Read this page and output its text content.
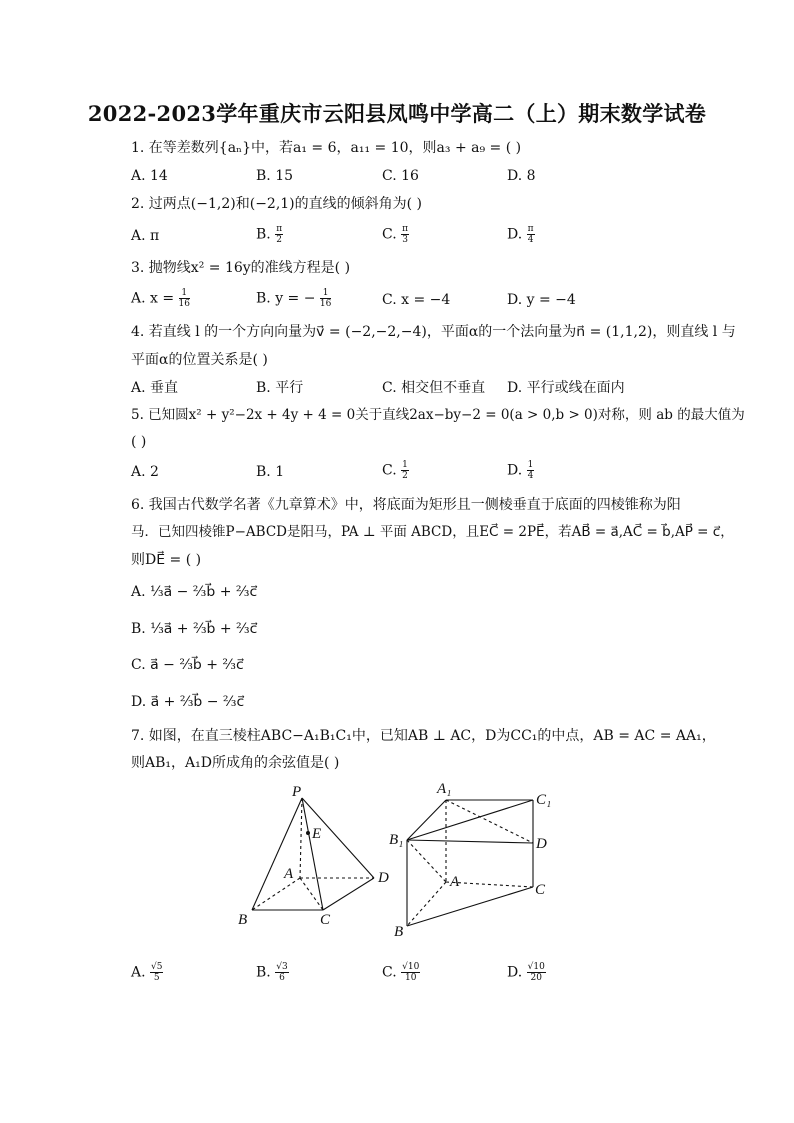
2022-2023学年重庆市云阳县凤鸣中学高二（上）期末数学试卷
1. 在等差数列{aₙ}中，若a₁ = 6，a₁₁ = 10，则a₃ + a₉ = ( )
A. 14	B. 15	C. 16	D. 8
2. 过两点(−1,2)和(−2,1)的直线的倾斜角为( )
A. π	B. $\frac{\pi}{2}$	C. $\frac{\pi}{3}$	D. $\frac{\pi}{4}$
3. 抛物线x² = 16y的准线方程是( )
A. $x = \frac{1}{16}$	B. y = − $\frac{1}{16}$	C. x = −4	D. y = −4
4. 若直线 l 的一个方向向量为v⃗ = (−2,−2,−4)，平面α的一个法向量为n⃗ = (1,1,2)，则直线 l 与
平面α的位置关系是( )
A. 垂直	B. 平行	C. 相交但不垂直 D. 平行或线在面内
5. 已知圆x² + y²−2x + 4y + 4 = 0关于直线2ax−by−2 = 0(a > 0,b > 0)对称，则 ab 的最大值为
( )
A. 2	B. 1	C. $\frac{1}{2}$	D. $\frac{1}{4}$
6. 我国古代数学名著《九章算术》中，将底面为矩形且一侧棱垂直于底面的四棱锥称为阳
马．已知四棱锥P−ABCD是阳马，PA ⊥ 平面 ABCD，且EC⃗ = 2PE⃗，若AB⃗ = a⃗,AC⃗ = b⃗,AP⃗ = c⃗，
则DE⃗ = ( )
A. ⅓a⃗ − ⅔b⃗ + ⅔c⃗
B. ⅓a⃗ + ⅔b⃗ + ⅔c⃗
C. a⃗ − ⅔b⃗ + ⅔c⃗
D. a⃗ + ⅔b⃗ − ⅔c⃗
7. 如图，在直三棱柱ABC−A₁B₁C₁中，已知AB ⊥ AC，D为CC₁的中点，AB = AC = AA₁，
则AB₁，A₁D所成角的余弦值是( )
P
E
A	D
B	C
A₁
C₁
B₁	D
A	C
B
A. $\frac{√5}{5}$	B. $\frac{√3}{6}$	C. $\frac{√10}{10}$	D. $\frac{√10}{20}$
